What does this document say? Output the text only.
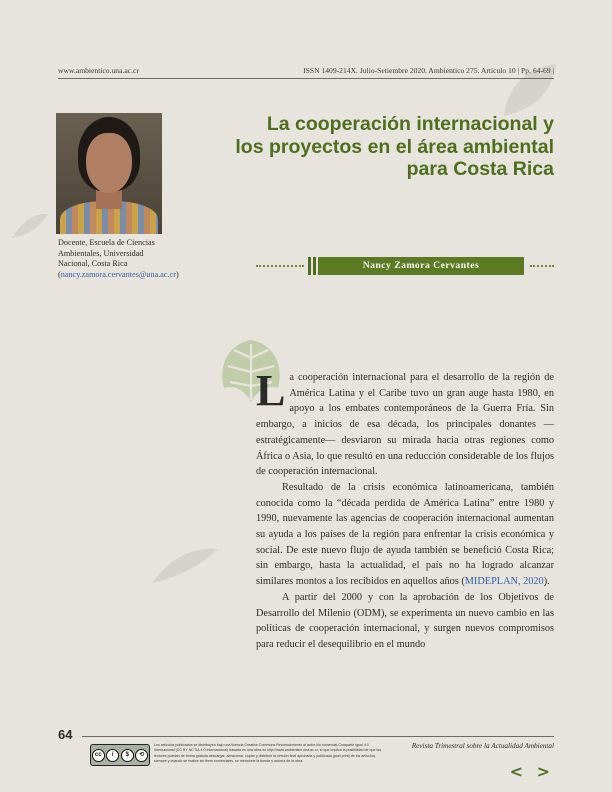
www.ambientico.una.ac.cr	ISSN 1409-214X. Julio-Setiembre 2020. Ambientico 275. Artículo 10 | Pp. 64-69 |
Docente, Escuela de Ciencias Ambientales, Universidad Nacional, Costa Rica (nancy.zamora.cervantes@una.ac.cr)
La cooperación internacional y los proyectos en el área ambiental para Costa Rica
Nancy Zamora Cervantes

La cooperación internacional para el desarrollo de la región de América Latina y el Caribe tuvo un gran auge hasta 1980, en apoyo a los embates contemporáneos de la Guerra Fría. Sin embargo, a inicios de esa década, los principales donantes —estratégicamente— desviaron su mirada hacia otras regiones como África o Asia, lo que resultó en una reducción considerable de los flujos de cooperación internacional.

Resultado de la crisis económica latinoamericana, también conocida como la “década perdida de América Latina” entre 1980 y 1990, nuevamente las agencias de cooperación internacional aumentan su ayuda a los países de la región para enfrentar la crisis económica y social. De este nuevo flujo de ayuda también se benefició Costa Rica; sin embargo, hasta la actualidad, el país no ha logrado alcanzar similares montos a los recibidos en aquellos años (MIDEPLAN, 2020).

A partir del 2000 y con la aprobación de los Objetivos de Desarrollo del Milenio (ODM), se experimenta un nuevo cambio en las políticas de cooperación internacional, y surgen nuevos compromisos para reducir el desequilibrio en el mundo

64
cc	i	$	⟲
Los artículos publicados se distribuyen bajo una licencia Creative Commons Reconocimiento al autor-No comercial-Compartir igual 4.0 Internacional (CC BY NC SA 4.0 Internacional) basada en una obra en http://www.ambientico.una.ac.cr, lo que implica la posibilidad de que los lectores puedan de forma gratuita descargar, almacenar, copiar y distribuir la versión final aprobada y publicada (post print) de los artículos, siempre y cuando se realice sin fines comerciales, se mencione la fuente y autoría de la obra.
Revista Trimestral sobre la Actualidad Ambiental
< >
